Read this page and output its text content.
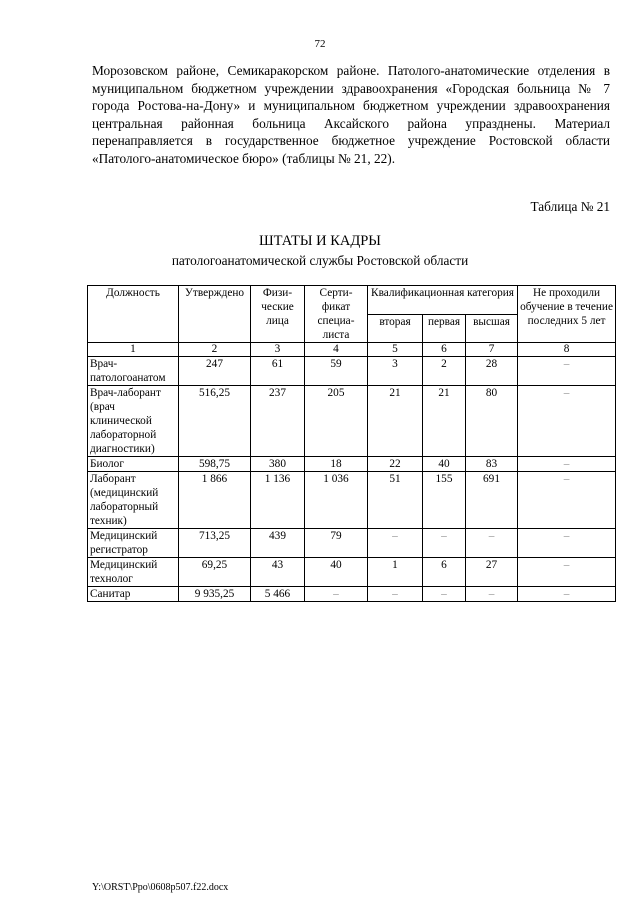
72
Морозовском районе, Семикаракорском районе. Патолого-анатомические отделения в муниципальном бюджетном учреждении здравоохранения «Городская больница № 7 города Ростова-на-Дону» и муниципальном бюджетном учреждении здравоохранения центральная районная больница Аксайского района упразднены. Материал перенаправляется в государственное бюджетное учреждение Ростовской области «Патолого-анатомическое бюро» (таблицы № 21, 22).
Таблица № 21
ШТАТЫ И КАДРЫ
патологоанатомической службы Ростовской области
Должность	Утверждено	Физи-ческие лица	Серти-фикат специа-листа	Квалификационная категория			Не проходили обучение в течение последних 5 лет
				вторая	первая	высшая	
1	2	3	4	5	6	7	8
Врач-патологоанатом	247	61	59	3	2	28	–
Врач-лаборант (врач клинической лабораторной диагностики)	516,25	237	205	21	21	80	–
Биолог	598,75	380	18	22	40	83	–
Лаборант (медицинский лабораторный техник)	1 866	1 136	1 036	51	155	691	–
Медицинский регистратор	713,25	439	79	–	–	–	–
Медицинский технолог	69,25	43	40	1	6	27	–
Санитар	9 935,25	5 466	–	–	–	–	–
Y:\ORST\Ppo\0608p507.f22.docx
